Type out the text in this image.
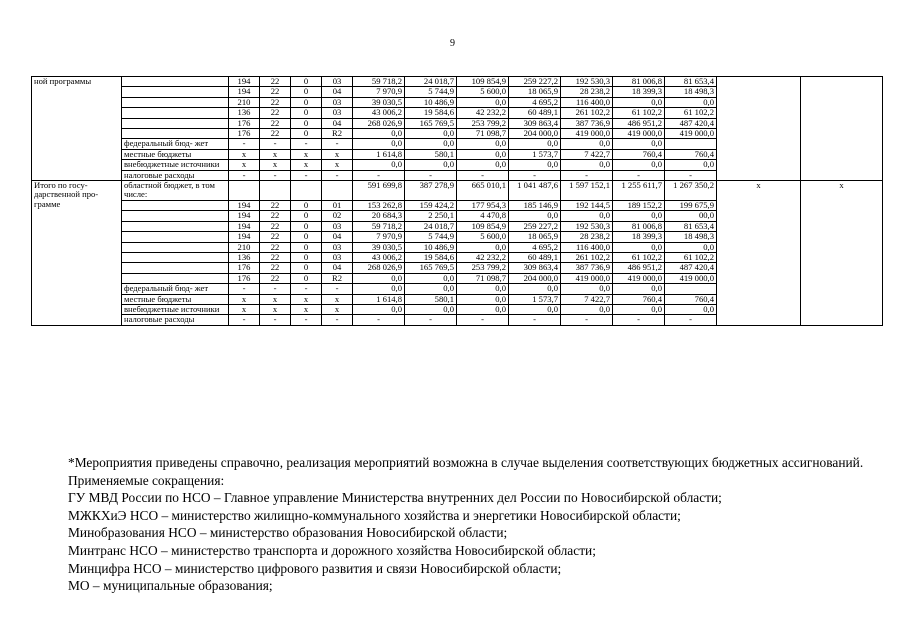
9
ной программы		194	22	0	03	59 718,2	24 018,7	109 854,9	259 227,2	192 530,3	81 006,8	81 653,4		
		194	22	0	04	7 970,9	5 744,9	5 600,0	18 065,9	28 238,2	18 399,3	18 498,3		
		210	22	0	03	39 030,5	10 486,9	0,0	4 695,2	116 400,0	0,0	0,0		
		136	22	0	03	43 006,2	19 584,6	42 232,2	60 489,1	261 102,2	61 102,2	61 102,2		
		176	22	0	04	268 026,9	165 769,5	253 799,2	309 863,4	387 736,9	486 951,2	487 420,4		
		176	22	0	R2	0,0	0,0	71 098,7	204 000,0	419 000,0	419 000,0	419 000,0		
	федеральный бюд- жет	-	-	-	-	0,0	0,0	0,0	0,0	0,0	0,0			
	местные бюджеты	x	x	x	x	1 614,8	580,1	0,0	1 573,7	7 422,7	760,4	760,4		
	внебюджетные источники	x	x	x	x	0,0	0,0	0,0	0,0	0,0	0,0	0,0		
	налоговые расходы	-	-	-	-	-	-	-	-	-	-	-		
Итого по госу- дарственной про- грамме	областной бюджет, в том числе:					591 699,8	387 278,9	665 010,1	1 041 487,6	1 597 152,1	1 255 611,7	1 267 350,2	x	x
		194	22	0	01	153 262,8	159 424,2	177 954,3	185 146,9	192 144,5	189 152,2	199 675,9		
		194	22	0	02	20 684,3	2 250,1	4 470,8	0,0	0,0	0,0	00,0		
		194	22	0	03	59 718,2	24 018,7	109 854,9	259 227,2	192 530,3	81 006,8	81 653,4		
		194	22	0	04	7 970,9	5 744,9	5 600,0	18 065,9	28 238,2	18 399,3	18 498,3		
		210	22	0	03	39 030,5	10 486,9	0,0	4 695,2	116 400,0	0,0	0,0		
		136	22	0	03	43 006,2	19 584,6	42 232,2	60 489,1	261 102,2	61 102,2	61 102,2		
		176	22	0	04	268 026,9	165 769,5	253 799,2	309 863,4	387 736,9	486 951,2	487 420,4		
		176	22	0	R2	0,0	0,0	71 098,7	204 000,0	419 000,0	419 000,0	419 000,0		
	федеральный бюд- жет	-	-	-	-	0,0	0,0	0,0	0,0	0,0	0,0			
	местные бюджеты	x	x	x	x	1 614,8	580,1	0,0	1 573,7	7 422,7	760,4	760,4		
	внебюджетные источники	x	x	x	x	0,0	0,0	0,0	0,0	0,0	0,0	0,0		
	налоговые расходы	-	-	-	-	-	-	-	-	-	-	-		

*Мероприятия приведены справочно, реализация мероприятий возможна в случае выделения соответствующих бюджетных ассигнований.

Применяемые сокращения:

ГУ МВД России по НСО – Главное управление Министерства внутренних дел России по Новосибирской области;

МЖКХиЭ НСО – министерство жилищно-коммунального хозяйства и энергетики Новосибирской области;

Минобразования НСО – министерство образования Новосибирской области;

Минтранс НСО – министерство транспорта и дорожного хозяйства Новосибирской области;

Минцифра НСО – министерство цифрового развития и связи Новосибирской области;

МО – муниципальные образования;
